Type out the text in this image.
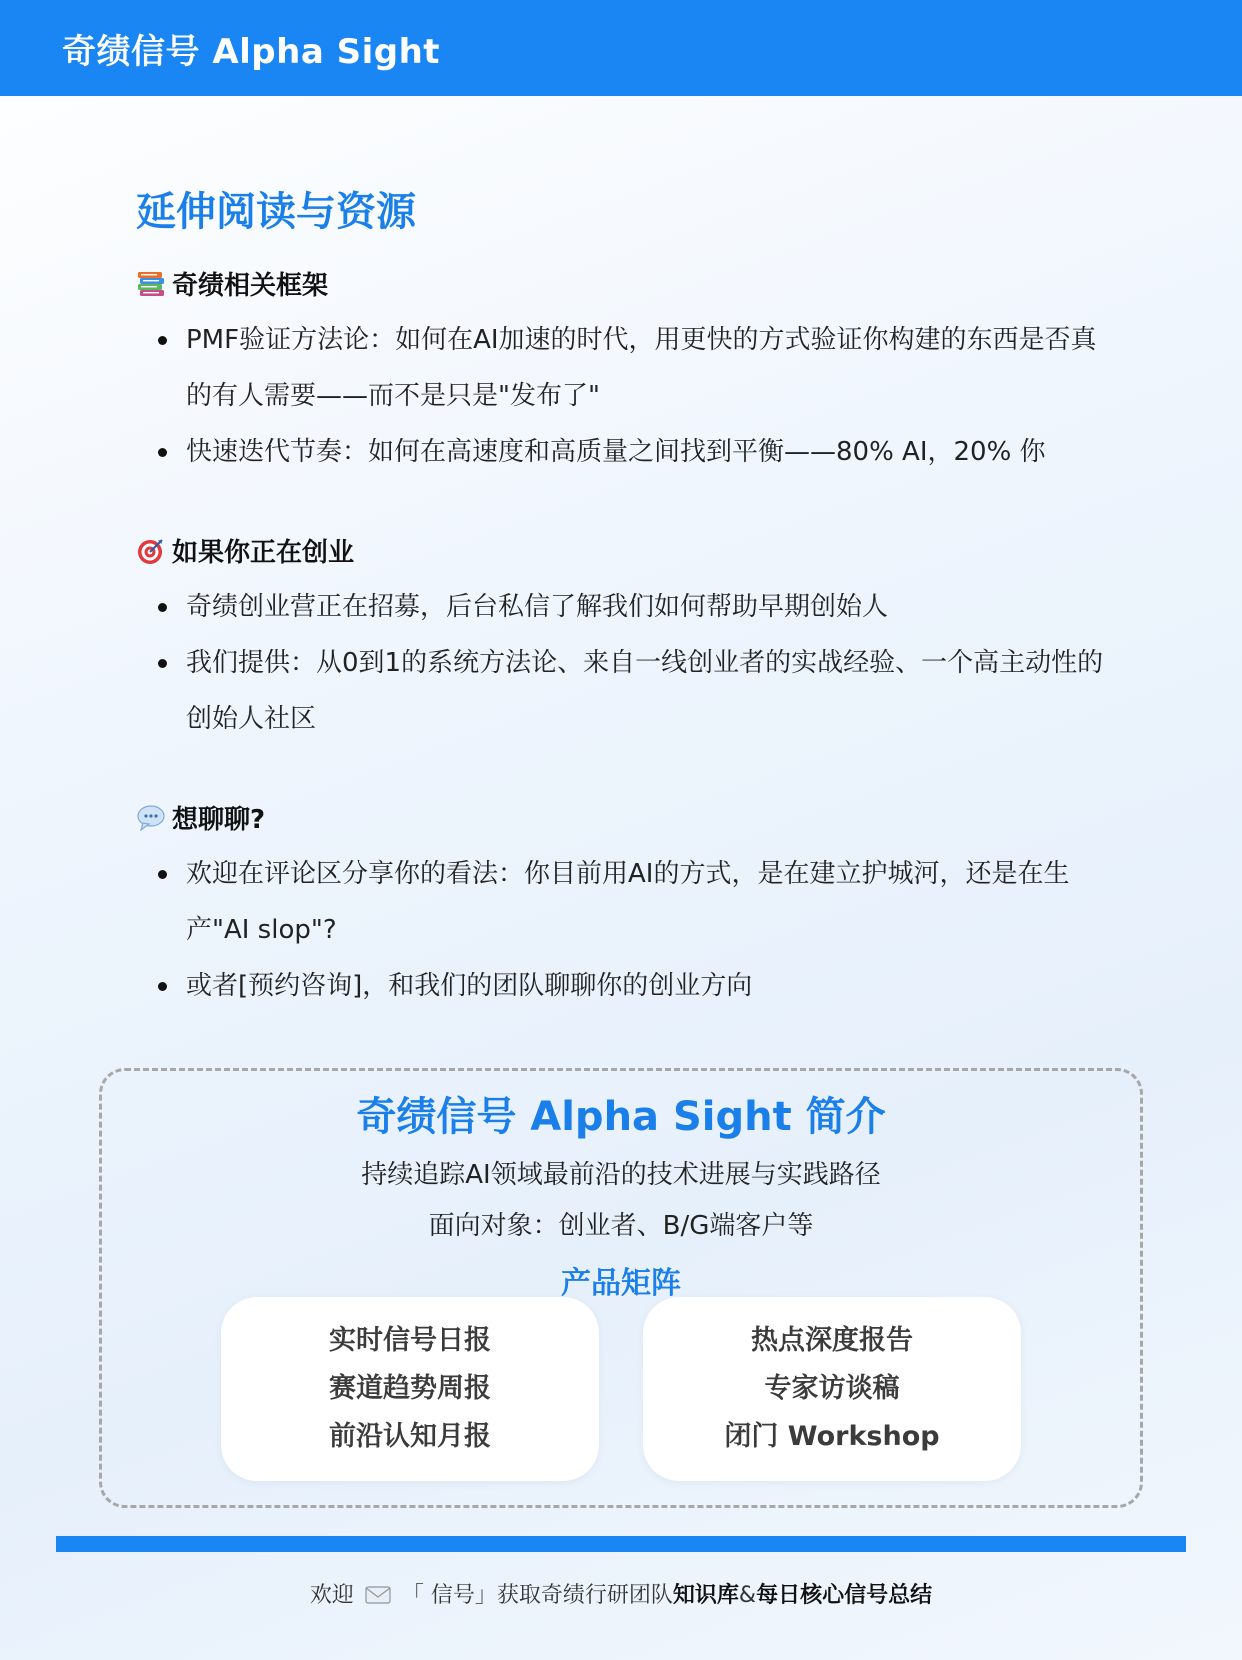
奇绩信号 Alpha Sight
延伸阅读与资源
奇绩相关框架
PMF验证方法论：如何在AI加速的时代，用更快的方式验证你构建的东西是否真的有人需要——而不是只是"发布了"
快速迭代节奏：如何在高速度和高质量之间找到平衡——80% AI，20% 你
如果你正在创业
奇绩创业营正在招募，后台私信了解我们如何帮助早期创始人
我们提供：从0到1的系统方法论、来自一线创业者的实战经验、一个高主动性的创始人社区
想聊聊?
欢迎在评论区分享你的看法：你目前用AI的方式，是在建立护城河，还是在生产"AI slop"?
或者[预约咨询]，和我们的团队聊聊你的创业方向
奇绩信号 Alpha Sight 简介
持续追踪AI领域最前沿的技术进展与实践路径
面向对象：创业者、B/G端客户等
产品矩阵
实时信号日报
赛道趋势周报
前沿认知月报
热点深度报告
专家访谈稿
闭门 Workshop
欢迎 「 信号」获取奇绩行研团队知识库&每日核心信号总结
